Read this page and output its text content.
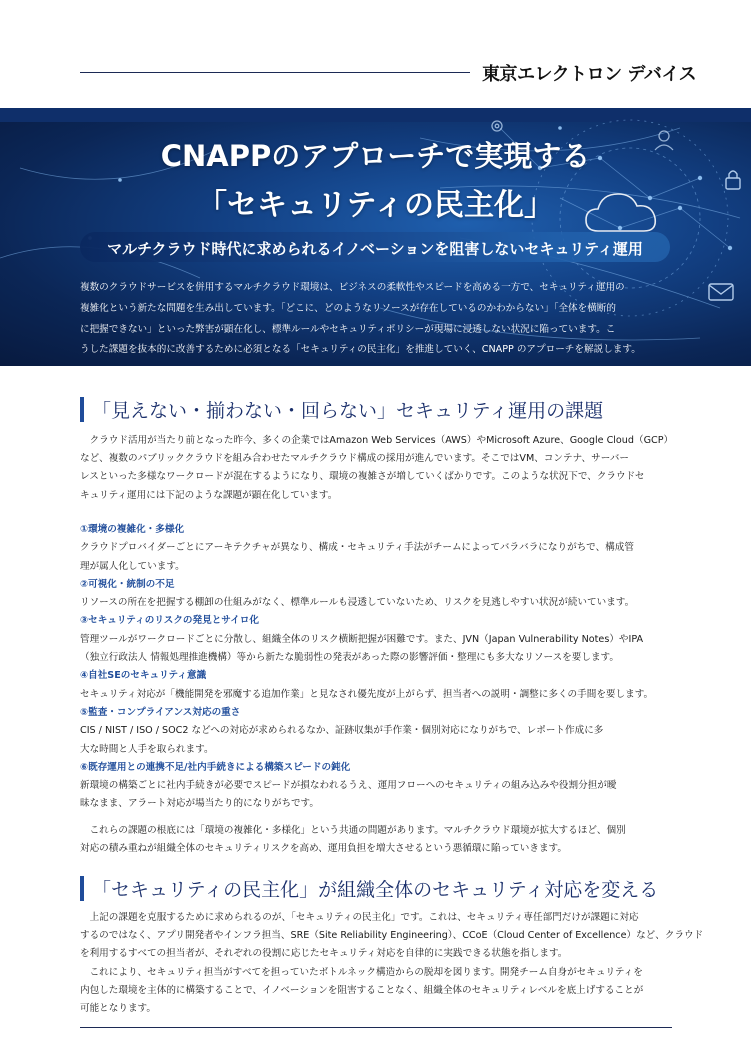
東京エレクトロン デバイス
CNAPPのアプローチで実現する
「セキュリティの民主化」
マルチクラウド時代に求められるイノベーションを阻害しないセキュリティ運用

複数のクラウドサービスを併用するマルチクラウド環境は、ビジネスの柔軟性やスピードを高める一方で、セキュリティ運用の

複雑化という新たな問題を生み出しています。「どこに、どのようなリソースが存在しているのかわからない」「全体を横断的

に把握できない」といった弊害が顕在化し、標準ルールやセキュリティポリシーが現場に浸透しない状況に陥っています。こ

うした課題を抜本的に改善するために必須となる「セキュリティの民主化」を推進していく、CNAPP のアプローチを解説します。

「見えない・揃わない・回らない」セキュリティ運用の課題

　クラウド活用が当たり前となった昨今、多くの企業ではAmazon Web Services（AWS）やMicrosoft Azure、Google Cloud（GCP）

など、複数のパブリッククラウドを組み合わせたマルチクラウド構成の採用が進んでいます。そこではVM、コンテナ、サーバー

レスといった多様なワークロードが混在するようになり、環境の複雑さが増していくばかりです。このような状況下で、クラウドセ

キュリティ運用には下記のような課題が顕在化しています。

①環境の複雑化・多様化

クラウドプロバイダーごとにアーキテクチャが異なり、構成・セキュリティ手法がチームによってバラバラになりがちで、構成管

理が属人化しています。

②可視化・統制の不足

リソースの所在を把握する棚卸の仕組みがなく、標準ルールも浸透していないため、リスクを見逃しやすい状況が続いています。

③セキュリティのリスクの発見とサイロ化

管理ツールがワークロードごとに分散し、組織全体のリスク横断把握が困難です。また、JVN（Japan Vulnerability Notes）やIPA

（独立行政法人 情報処理推進機構）等から新たな脆弱性の発表があった際の影響評価・整理にも多大なリソースを要します。

④自社SEのセキュリティ意識

セキュリティ対応が「機能開発を邪魔する追加作業」と見なされ優先度が上がらず、担当者への説明・調整に多くの手間を要します。

⑤監査・コンプライアンス対応の重さ

CIS / NIST / ISO / SOC2 などへの対応が求められるなか、証跡収集が手作業・個別対応になりがちで、レポート作成に多

大な時間と人手を取られます。

⑥既存運用との連携不足/社内手続きによる構築スピードの鈍化

新環境の構築ごとに社内手続きが必要でスピードが損なわれるうえ、運用フローへのセキュリティの組み込みや役割分担が曖

昧なまま、アラート対応が場当たり的になりがちです。

　これらの課題の根底には「環境の複雑化・多様化」という共通の問題があります。マルチクラウド環境が拡大するほど、個別

対応の積み重ねが組織全体のセキュリティリスクを高め、運用負担を増大させるという悪循環に陥っていきます。

「セキュリティの民主化」が組織全体のセキュリティ対応を変える

　上記の課題を克服するために求められるのが、「セキュリティの民主化」です。これは、セキュリティ専任部門だけが課題に対応

するのではなく、アプリ開発者やインフラ担当、SRE（Site Reliability Engineering）、CCoE（Cloud Center of Excellence）など、クラウド

を利用するすべての担当者が、それぞれの役割に応じたセキュリティ対応を自律的に実践できる状態を指します。

　これにより、セキュリティ担当がすべてを担っていたボトルネック構造からの脱却を図ります。開発チーム自身がセキュリティを

内包した環境を主体的に構築することで、イノベーションを阻害することなく、組織全体のセキュリティレベルを底上げすることが

可能となります。
